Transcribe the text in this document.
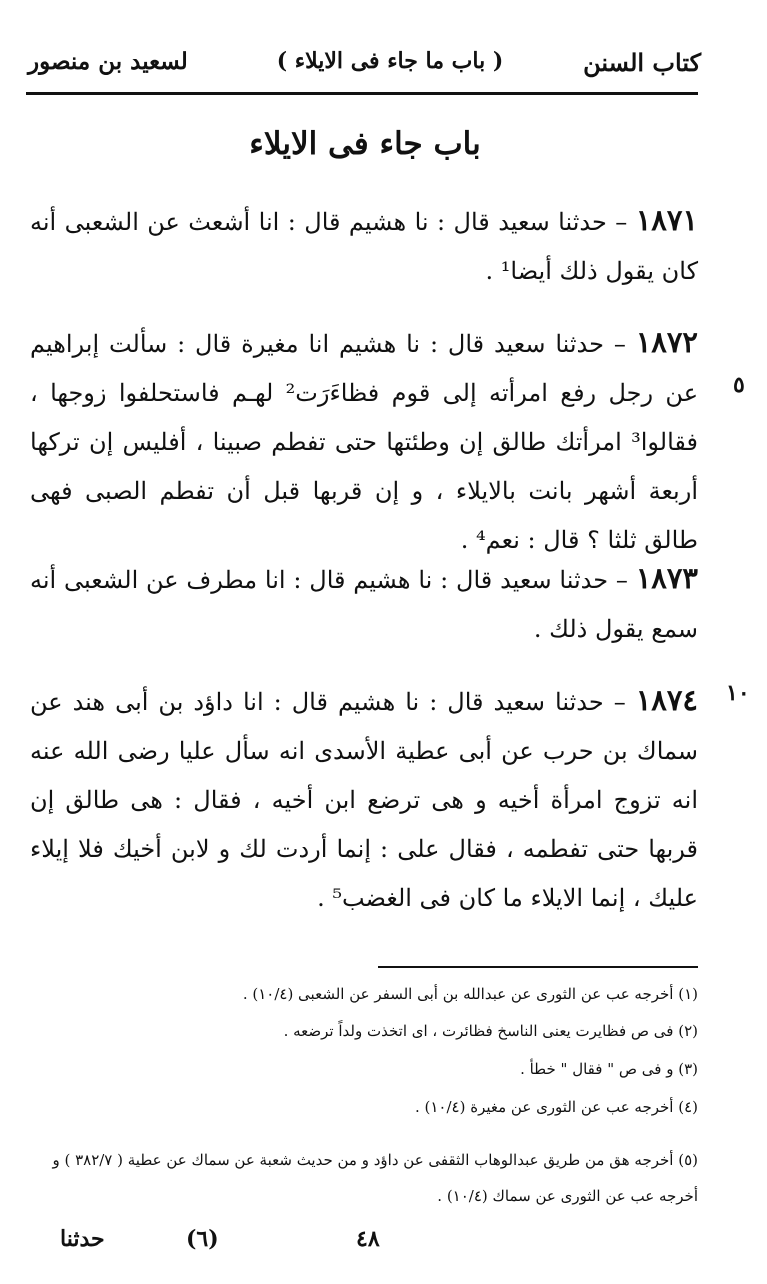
كتاب السنن
( باب ما جاء فى الايلاء )
لسعيد بن منصور
باب جاء فى الايلاء
١٨٧١ – حدثنا سعيد قال : نا هشيم قال : انا أشعث عن الشعبى أنه كان يقول ذلك أيضا¹ .
١٨٧٢ – حدثنا سعيد قال : نا هشيم انا مغيرة قال : سألت إبراهيم عن رجل رفع امرأته إلى قوم فظاءَرَت² لهـم فاستحلفوا زوجها ، فقالوا³ امرأتك طالق إن وطئتها حتى تفطم صبينا ، أفليس إن تركها أربعة أشهر بانت بالايلاء ، و إن قربها قبل أن تفطم الصبى فهى طالق ثلثا ؟ قال : نعم⁴ .
١٨٧٣ – حدثنا سعيد قال : نا هشيم قال : انا مطرف عن الشعبى أنه سمع يقول ذلك .
١٨٧٤ – حدثنا سعيد قال : نا هشيم قال : انا داؤد بن أبى هند عن سماك بن حرب عن أبى عطية الأسدى انه سأل عليا رضى الله عنه انه تزوج امرأة أخيه و هى ترضع ابن أخيه ، فقال : هى طالق إن قربها حتى تفطمه ، فقال على : إنما أردت لك و لابن أخيك فلا إيلاء عليك ، إنما الايلاء ما كان فى الغضب⁵ .
٥
١٠
(١) أخرجه عب عن الثورى عن عبدالله بن أبى السفر عن الشعبى (١٠/٤) .
(٢) فى ص فظايرت يعنى الناسخ فظائرت ، اى اتخذت ولداً ترضعه .
(٣) و فى ص " فقال " خطأ .
(٤) أخرجه عب عن الثورى عن مغيرة (١٠/٤) .
(٥) أخرجه هق من طريق عبدالوهاب الثقفى عن داؤد و من حديث شعبة عن سماك عن عطية ( ٣٨٢/٧ ) و أخرجه عب عن الثورى عن سماك (١٠/٤) .
حدثنا	(٦)	٤٨
